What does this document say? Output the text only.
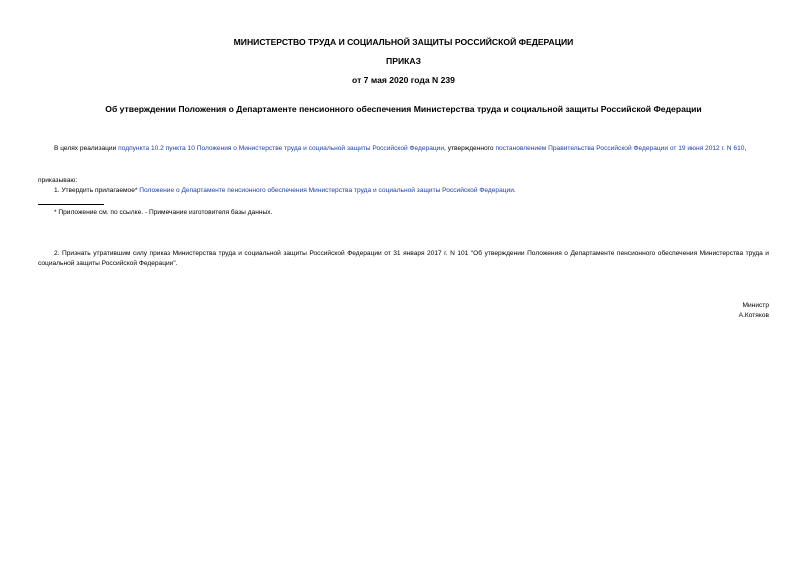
МИНИСТЕРСТВО ТРУДА И СОЦИАЛЬНОЙ ЗАЩИТЫ РОССИЙСКОЙ ФЕДЕРАЦИИ
ПРИКАЗ
от 7 мая 2020 года N 239
Об утверждении Положения о Департаменте пенсионного обеспечения Министерства труда и социальной защиты Российской Федерации
В целях реализации подпункта 10.2 пункта 10 Положения о Министерстве труда и социальной защиты Российской Федерации, утвержденного постановлением Правительства Российской Федерации от 19 июня 2012 г. N 610,
приказываю:
1. Утвердить прилагаемое* Положение о Департаменте пенсионного обеспечения Министерства труда и социальной защиты Российской Федерации.
* Приложение см. по ссылке. - Примечание изготовителя базы данных.
2. Признать утратившим силу приказ Министерства труда и социальной защиты Российской Федерации от 31 января 2017 г. N 101 "Об утверждении Положения о Департаменте пенсионного обеспечения Министерства труда и социальной защиты Российской Федерации".
Министр
А.Котяков
